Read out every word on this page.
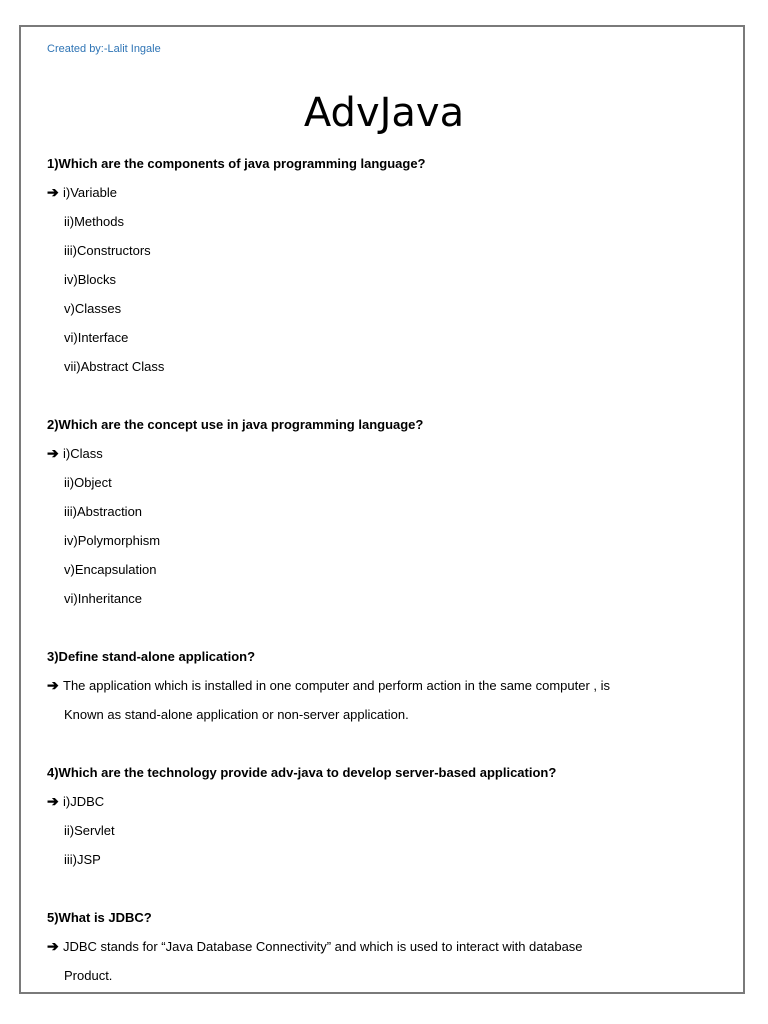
Created by:-Lalit Ingale
AdvJava
1)Which are the components of java programming language?
➔ i)Variable
ii)Methods
iii)Constructors
iv)Blocks
v)Classes
vi)Interface
vii)Abstract Class
2)Which are the concept use in java programming language?
➔ i)Class
ii)Object
iii)Abstraction
iv)Polymorphism
v)Encapsulation
vi)Inheritance
3)Define stand-alone application?
➔ The application which is installed in one computer and perform action in the same computer , is
Known as stand-alone application or non-server application.
4)Which are the technology provide adv-java to develop server-based application?
➔ i)JDBC
ii)Servlet
iii)JSP
5)What is JDBC?
➔ JDBC stands for “Java Database Connectivity” and which is used to interact with database
Product.
